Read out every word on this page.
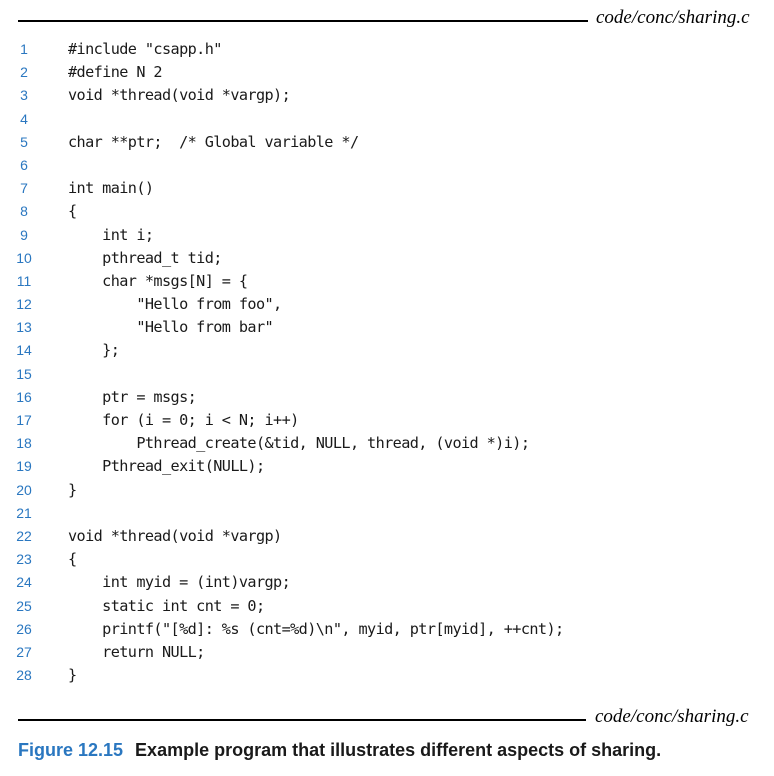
code/conc/sharing.c
1	#include "csapp.h"
2	#define N 2
3	void *thread(void *vargp);
4
5	char **ptr;  /* Global variable */
6
7	int main()
8	{
9	int i;
10	pthread_t tid;
11	char *msgs[N] = {
12	"Hello from foo",
13	"Hello from bar"
14	};
15
16	ptr = msgs;
17	for (i = 0; i < N; i++)
18	Pthread_create(&tid, NULL, thread, (void *)i);
19	Pthread_exit(NULL);
20	}
21
22	void *thread(void *vargp)
23	{
24	int myid = (int)vargp;
25	static int cnt = 0;
26	printf("[%d]: %s (cnt=%d)\n", myid, ptr[myid], ++cnt);
27	return NULL;
28	}
code/conc/sharing.c
Figure 12.15 Example program that illustrates different aspects of sharing.
